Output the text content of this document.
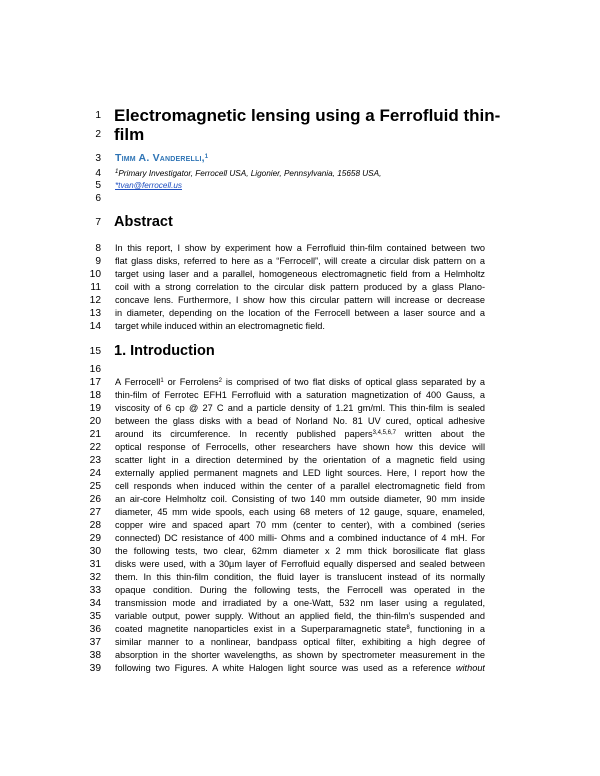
1
2
3
4
5
6
7
8
9
10
11
12
13
14
15
16
17
18
19
20
21
22
23
24
25
26
27
28
29
30
31
32
33
34
35
36
37
38
39
Electromagnetic lensing using a Ferrofluid thin-
film
Timm A. Vanderelli,$^1$
$^1$Primary Investigator, Ferrocell USA, Ligonier, Pennsylvania, 15658 USA,
*tvan@ferrocell.us
Abstract
In this report, I show by experiment how a Ferrofluid thin-film contained between two
flat glass disks, referred to here as a “Ferrocell”, will create a circular disk pattern on a
target using laser and a parallel, homogeneous electromagnetic field from a Helmholtz
coil with a strong correlation to the circular disk pattern produced by a glass Plano-
concave lens. Furthermore, I show how this circular pattern will increase or decrease
in diameter, depending on the location of the Ferrocell between a laser source and a
target while induced within an electromagnetic field.
1. Introduction
A Ferrocell$^1$ or Ferrolens$^2$ is comprised of two flat disks of optical glass separated by a
thin-film of Ferrotec EFH1 Ferrofluid with a saturation magnetization of 400 Gauss, a
viscosity of 6 cp @ 27 C and a particle density of 1.21 gm/ml. This thin-film is sealed
between the glass disks with a bead of Norland No. 81 UV cured, optical adhesive
around its circumference. In recently published papers$^{3,4,5,6,7}$ written about the
optical response of Ferrocells, other researchers have shown how this device will
scatter light in a direction determined by the orientation of a magnetic field using
externally applied permanent magnets and LED light sources. Here, I report how the
cell responds when induced within the center of a parallel electromagnetic field from
an air-core Helmholtz coil. Consisting of two 140 mm outside diameter, 90 mm inside
diameter, 45 mm wide spools, each using 68 meters of 12 gauge, square, enameled,
copper wire and spaced apart 70 mm (center to center), with a combined (series
connected) DC resistance of 400 milli- Ohms and a combined inductance of 4 mH. For
the following tests, two clear, 62mm diameter x 2 mm thick borosilicate flat glass
disks were used, with a 30µm layer of Ferrofluid equally dispersed and sealed between
them. In this thin-film condition, the fluid layer is translucent instead of its normally
opaque condition. During the following tests, the Ferrocell was operated in the
transmission mode and irradiated by a one-Watt, 532 nm laser using a regulated,
variable output, power supply. Without an applied field, the thin-film’s suspended and
coated magnetite nanoparticles exist in a Superparamagnetic state$^8$, functioning in a
similar manner to a nonlinear, bandpass optical filter, exhibiting a high degree of
absorption in the shorter wavelengths, as shown by spectrometer measurement in the
following two Figures. A white Halogen light source was used as a reference without
